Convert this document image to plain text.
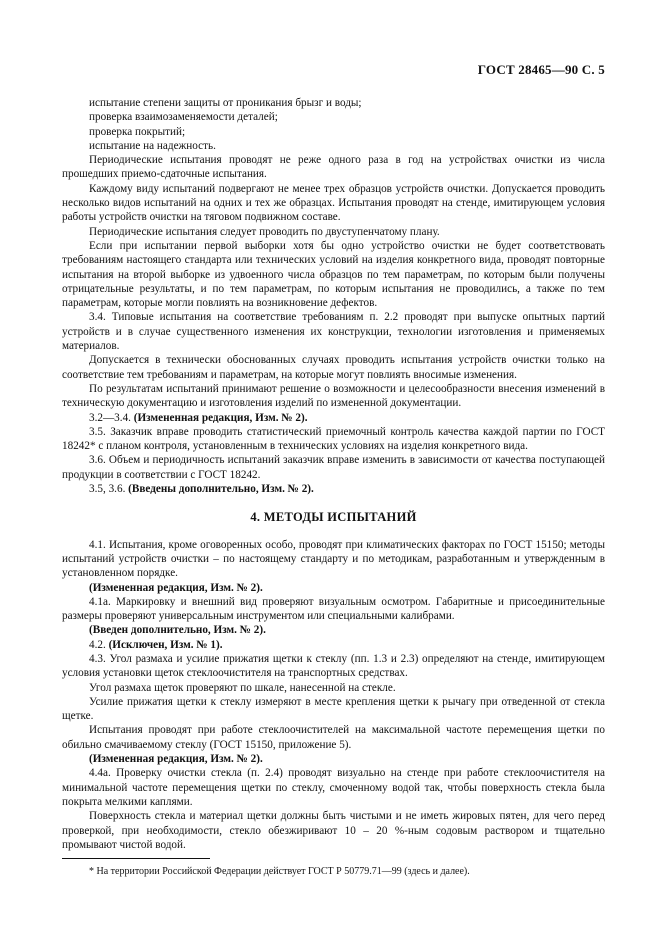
ГОСТ 28465—90 С. 5

испытание степени защиты от проникания брызг и воды;

проверка взаимозаменяемости деталей;

проверка покрытий;

испытание на надежность.

Периодические испытания проводят не реже одного раза в год на устройствах очистки из числа прошедших приемо-сдаточные испытания.

Каждому виду испытаний подвергают не менее трех образцов устройств очистки. Допускается проводить несколько видов испытаний на одних и тех же образцах. Испытания проводят на стенде, имитирующем условия работы устройств очистки на тяговом подвижном составе.

Периодические испытания следует проводить по двуступенчатому плану.

Если при испытании первой выборки хотя бы одно устройство очистки не будет соответствовать требованиям настоящего стандарта или технических условий на изделия конкретного вида, проводят повторные испытания на второй выборке из удвоенного числа образцов по тем параметрам, по которым были получены отрицательные результаты, и по тем параметрам, по которым испытания не проводились, а также по тем параметрам, которые могли повлиять на возникновение дефектов.

3.4. Типовые испытания на соответствие требованиям п. 2.2 проводят при выпуске опытных партий устройств и в случае существенного изменения их конструкции, технологии изготовления и применяемых материалов.

Допускается в технически обоснованных случаях проводить испытания устройств очистки только на соответствие тем требованиям и параметрам, на которые могут повлиять вносимые изменения.

По результатам испытаний принимают решение о возможности и целесообразности внесения изменений в техническую документацию и изготовления изделий по измененной документации.

3.2—3.4. (Измененная редакция, Изм. № 2).

3.5. Заказчик вправе проводить статистический приемочный контроль качества каждой партии по ГОСТ 18242* с планом контроля, установленным в технических условиях на изделия конкретного вида.

3.6. Объем и периодичность испытаний заказчик вправе изменить в зависимости от качества поступающей продукции в соответствии с ГОСТ 18242.

3.5, 3.6. (Введены дополнительно, Изм. № 2).

4. МЕТОДЫ ИСПЫТАНИЙ

4.1. Испытания, кроме оговоренных особо, проводят при климатических факторах по ГОСТ 15150; методы испытаний устройств очистки – по настоящему стандарту и по методикам, разработанным и утвержденным в установленном порядке.

(Измененная редакция, Изм. № 2).

4.1а. Маркировку и внешний вид проверяют визуальным осмотром. Габаритные и присоединительные размеры проверяют универсальным инструментом или специальными калибрами.

(Введен дополнительно, Изм. № 2).

4.2. (Исключен, Изм. № 1).

4.3. Угол размаха и усилие прижатия щетки к стеклу (пп. 1.3 и 2.3) определяют на стенде, имитирующем условия установки щеток стеклоочистителя на транспортных средствах.

Угол размаха щеток проверяют по шкале, нанесенной на стекле.

Усилие прижатия щетки к стеклу измеряют в месте крепления щетки к рычагу при отведенной от стекла щетке.

Испытания проводят при работе стеклоочистителей на максимальной частоте перемещения щетки по обильно смачиваемому стеклу (ГОСТ 15150, приложение 5).

(Измененная редакция, Изм. № 2).

4.4а. Проверку очистки стекла (п. 2.4) проводят визуально на стенде при работе стеклоочистителя на минимальной частоте перемещения щетки по стеклу, смоченному водой так, чтобы поверхность стекла была покрыта мелкими каплями.

Поверхность стекла и материал щетки должны быть чистыми и не иметь жировых пятен, для чего перед проверкой, при необходимости, стекло обезжиривают 10 – 20 %-ным содовым раствором и тщательно промывают чистой водой.

* На территории Российской Федерации действует ГОСТ Р 50779.71—99 (здесь и далее).
